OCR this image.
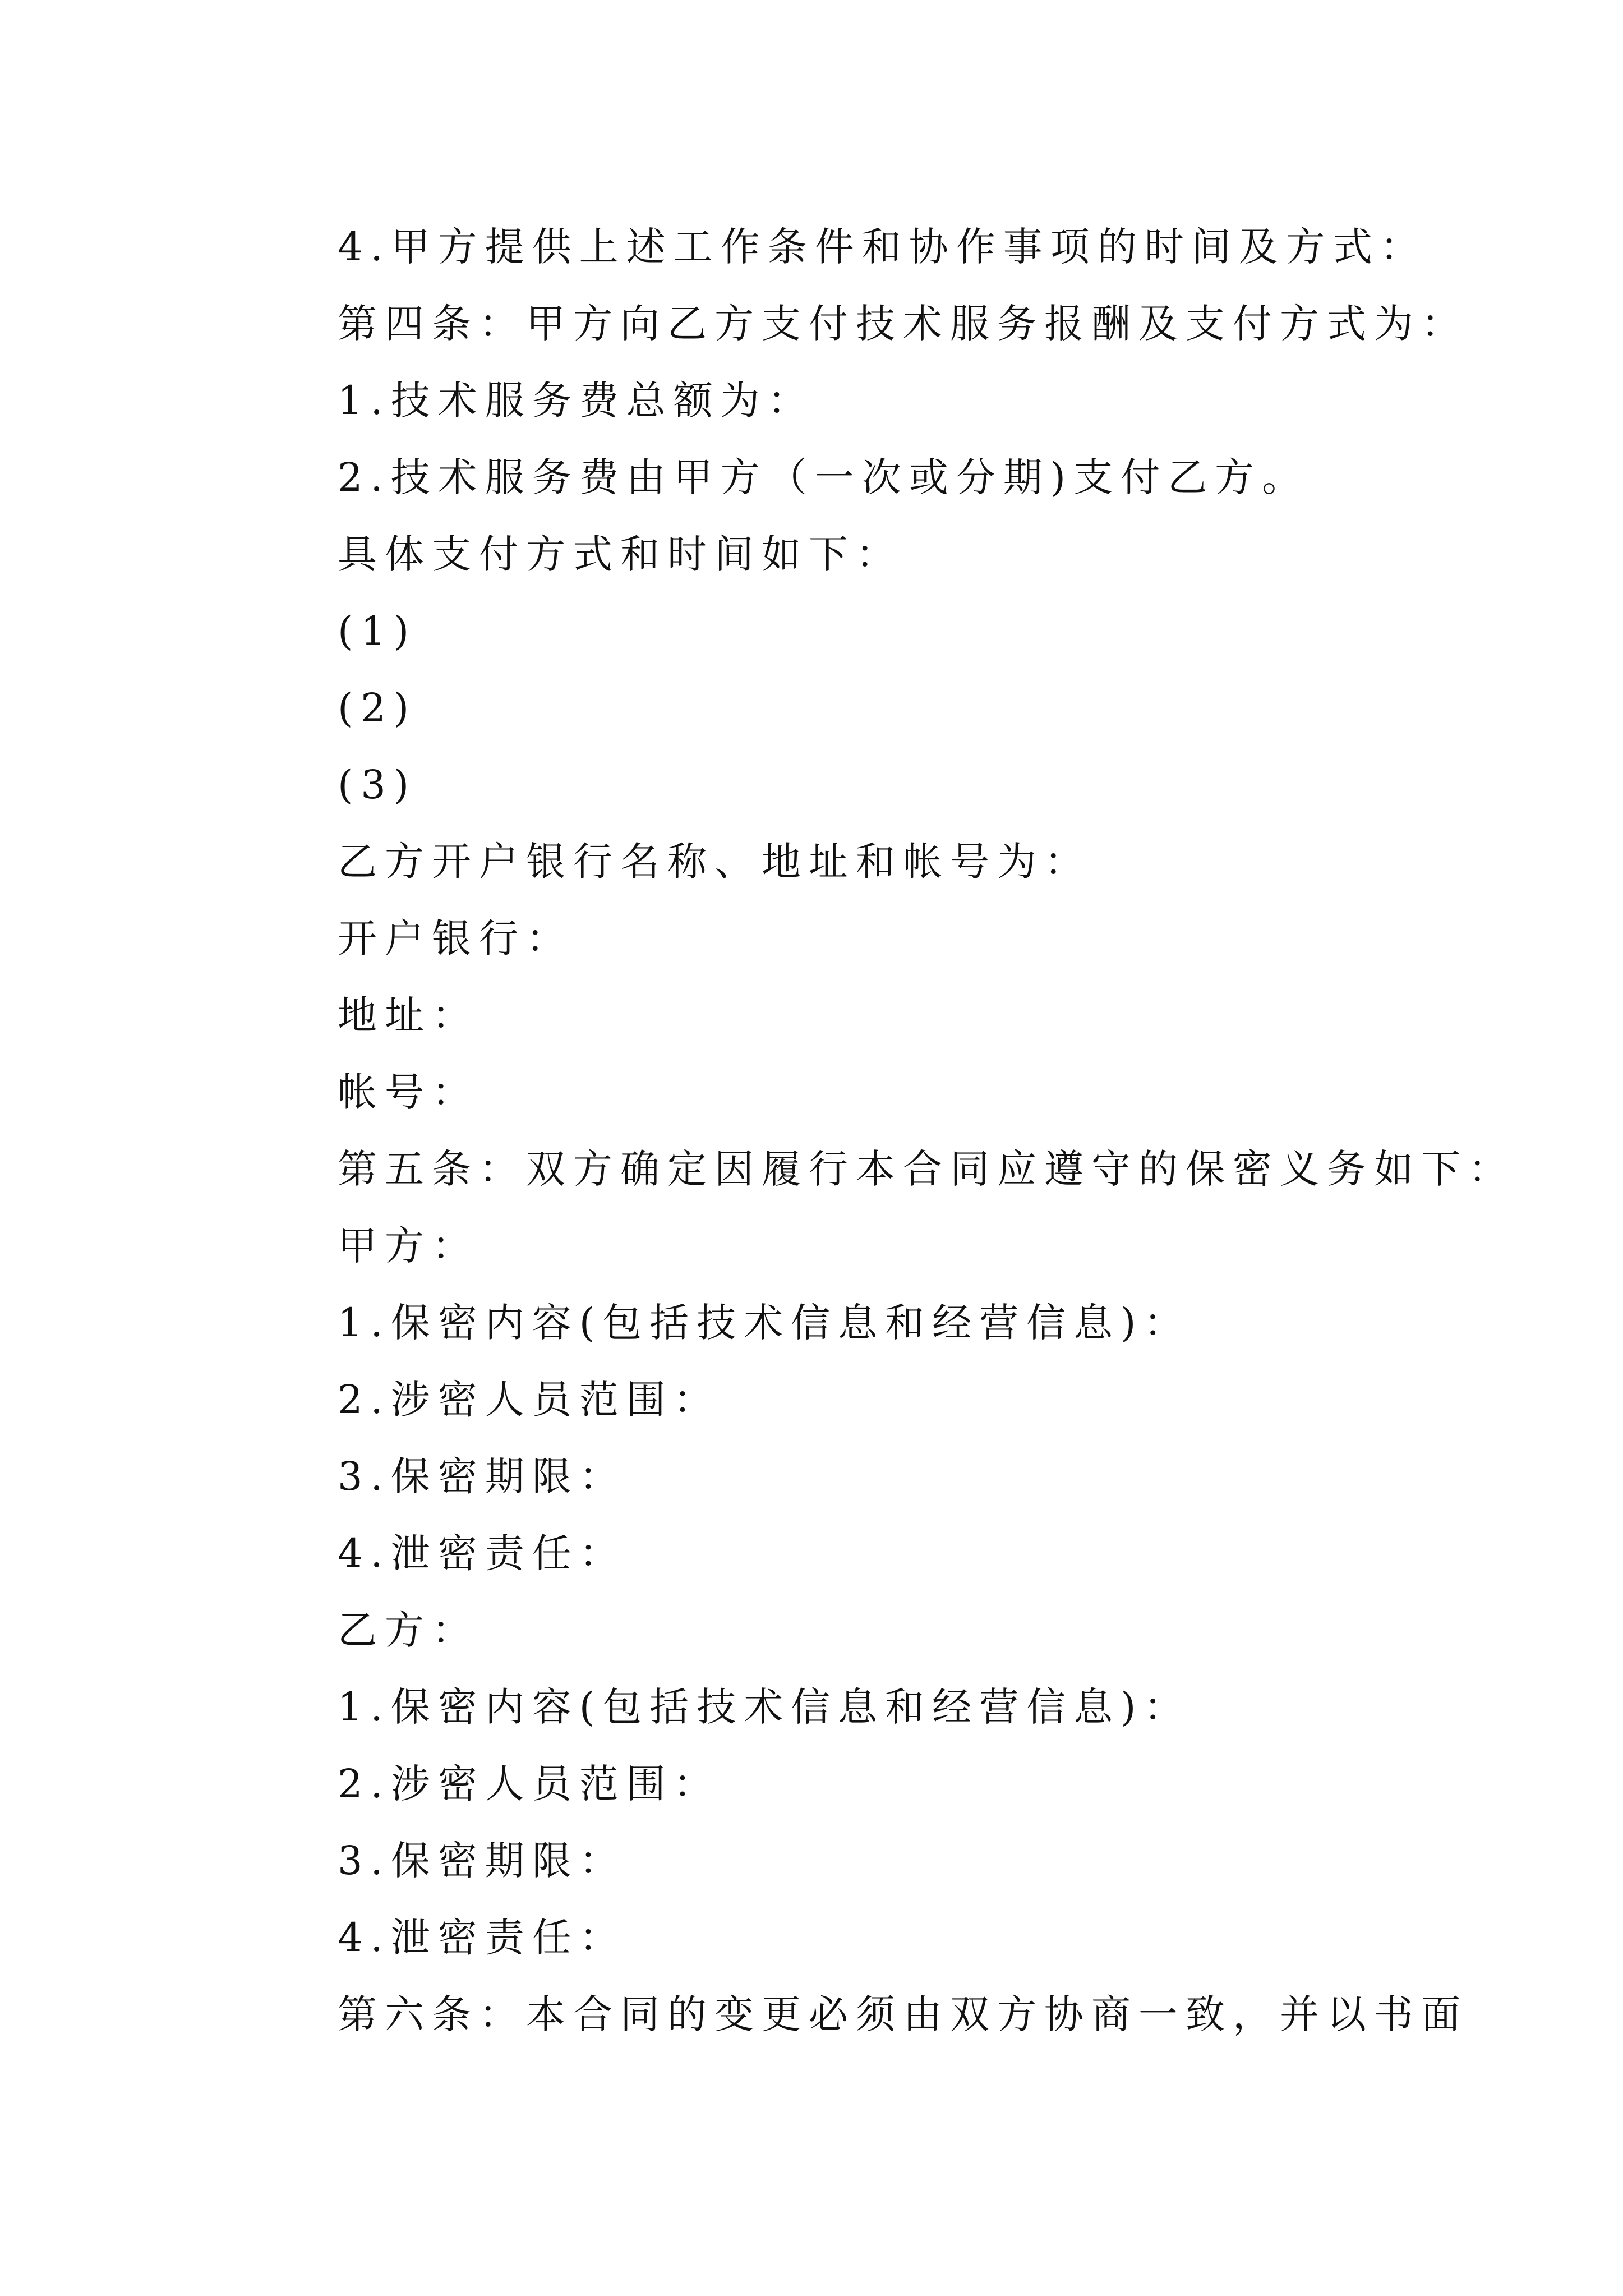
4.甲方提供上述工作条件和协作事项的时间及方式：
第四条：甲方向乙方支付技术服务报酬及支付方式为：
1.技术服务费总额为：
2.技术服务费由甲方（一次或分期)支付乙方。
具体支付方式和时间如下：
(1)
(2)
(3)
乙方开户银行名称、地址和帐号为：
开户银行：
地址：
帐号：
第五条：双方确定因履行本合同应遵守的保密义务如下：
甲方：
1.保密内容(包括技术信息和经营信息)：
2.涉密人员范围：
3.保密期限：
4.泄密责任：
乙方：
1.保密内容(包括技术信息和经营信息)：
2.涉密人员范围：
3.保密期限：
4.泄密责任：
第六条：本合同的变更必须由双方协商一致，并以书面
